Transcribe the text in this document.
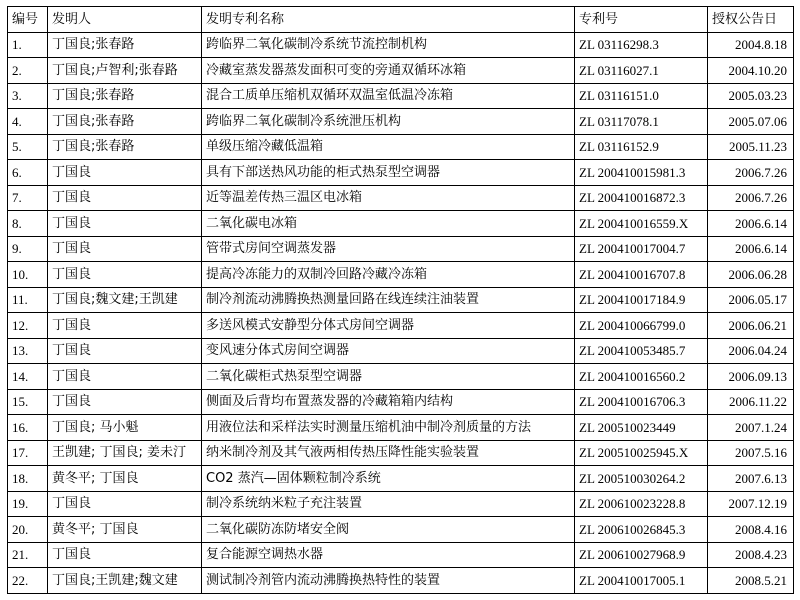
编号	发明人	发明专利名称	专利号	授权公告日
1.	丁国良;张春路	跨临界二氧化碳制冷系统节流控制机构	ZL 03116298.3	2004.8.18
2.	丁国良;卢智利;张春路	冷藏室蒸发器蒸发面积可变的旁通双循环冰箱	ZL 03116027.1	2004.10.20
3.	丁国良;张春路	混合工质单压缩机双循环双温室低温冷冻箱	ZL 03116151.0	2005.03.23
4.	丁国良;张春路	跨临界二氧化碳制冷系统泄压机构	ZL 03117078.1	2005.07.06
5.	丁国良;张春路	单级压缩冷藏低温箱	ZL 03116152.9	2005.11.23
6.	丁国良	具有下部送热风功能的柜式热泵型空调器	ZL 200410015981.3	2006.7.26
7.	丁国良	近等温差传热三温区电冰箱	ZL 200410016872.3	2006.7.26
8.	丁国良	二氧化碳电冰箱	ZL 200410016559.X	2006.6.14
9.	丁国良	管带式房间空调蒸发器	ZL 200410017004.7	2006.6.14
10.	丁国良	提高冷冻能力的双制冷回路冷藏冷冻箱	ZL 200410016707.8	2006.06.28
11.	丁国良;魏文建;王凯建	制冷剂流动沸腾换热测量回路在线连续注油装置	ZL 200410017184.9	2006.05.17
12.	丁国良	多送风模式安静型分体式房间空调器	ZL 200410066799.0	2006.06.21
13.	丁国良	变风速分体式房间空调器	ZL 200410053485.7	2006.04.24
14.	丁国良	二氧化碳柜式热泵型空调器	ZL 200410016560.2	2006.09.13
15.	丁国良	侧面及后背均布置蒸发器的冷藏箱箱内结构	ZL 200410016706.3	2006.11.22
16.	丁国良; 马小魁	用液位法和采样法实时测量压缩机油中制冷剂质量的方法	ZL 200510023449	2007.1.24
17.	王凯建; 丁国良; 姜未汀	纳米制冷剂及其气液两相传热压降性能实验装置	ZL 200510025945.X	2007.5.16
18.	黄冬平; 丁国良	CO2 蒸汽—固体颗粒制冷系统	ZL 200510030264.2	2007.6.13
19.	丁国良	制冷系统纳米粒子充注装置	ZL 200610023228.8	2007.12.19
20.	黄冬平; 丁国良	二氧化碳防冻防堵安全阀	ZL 200610026845.3	2008.4.16
21.	丁国良	复合能源空调热水器	ZL 200610027968.9	2008.4.23
22.	丁国良;王凯建;魏文建	测试制冷剂管内流动沸腾换热特性的装置	ZL 200410017005.1	2008.5.21
